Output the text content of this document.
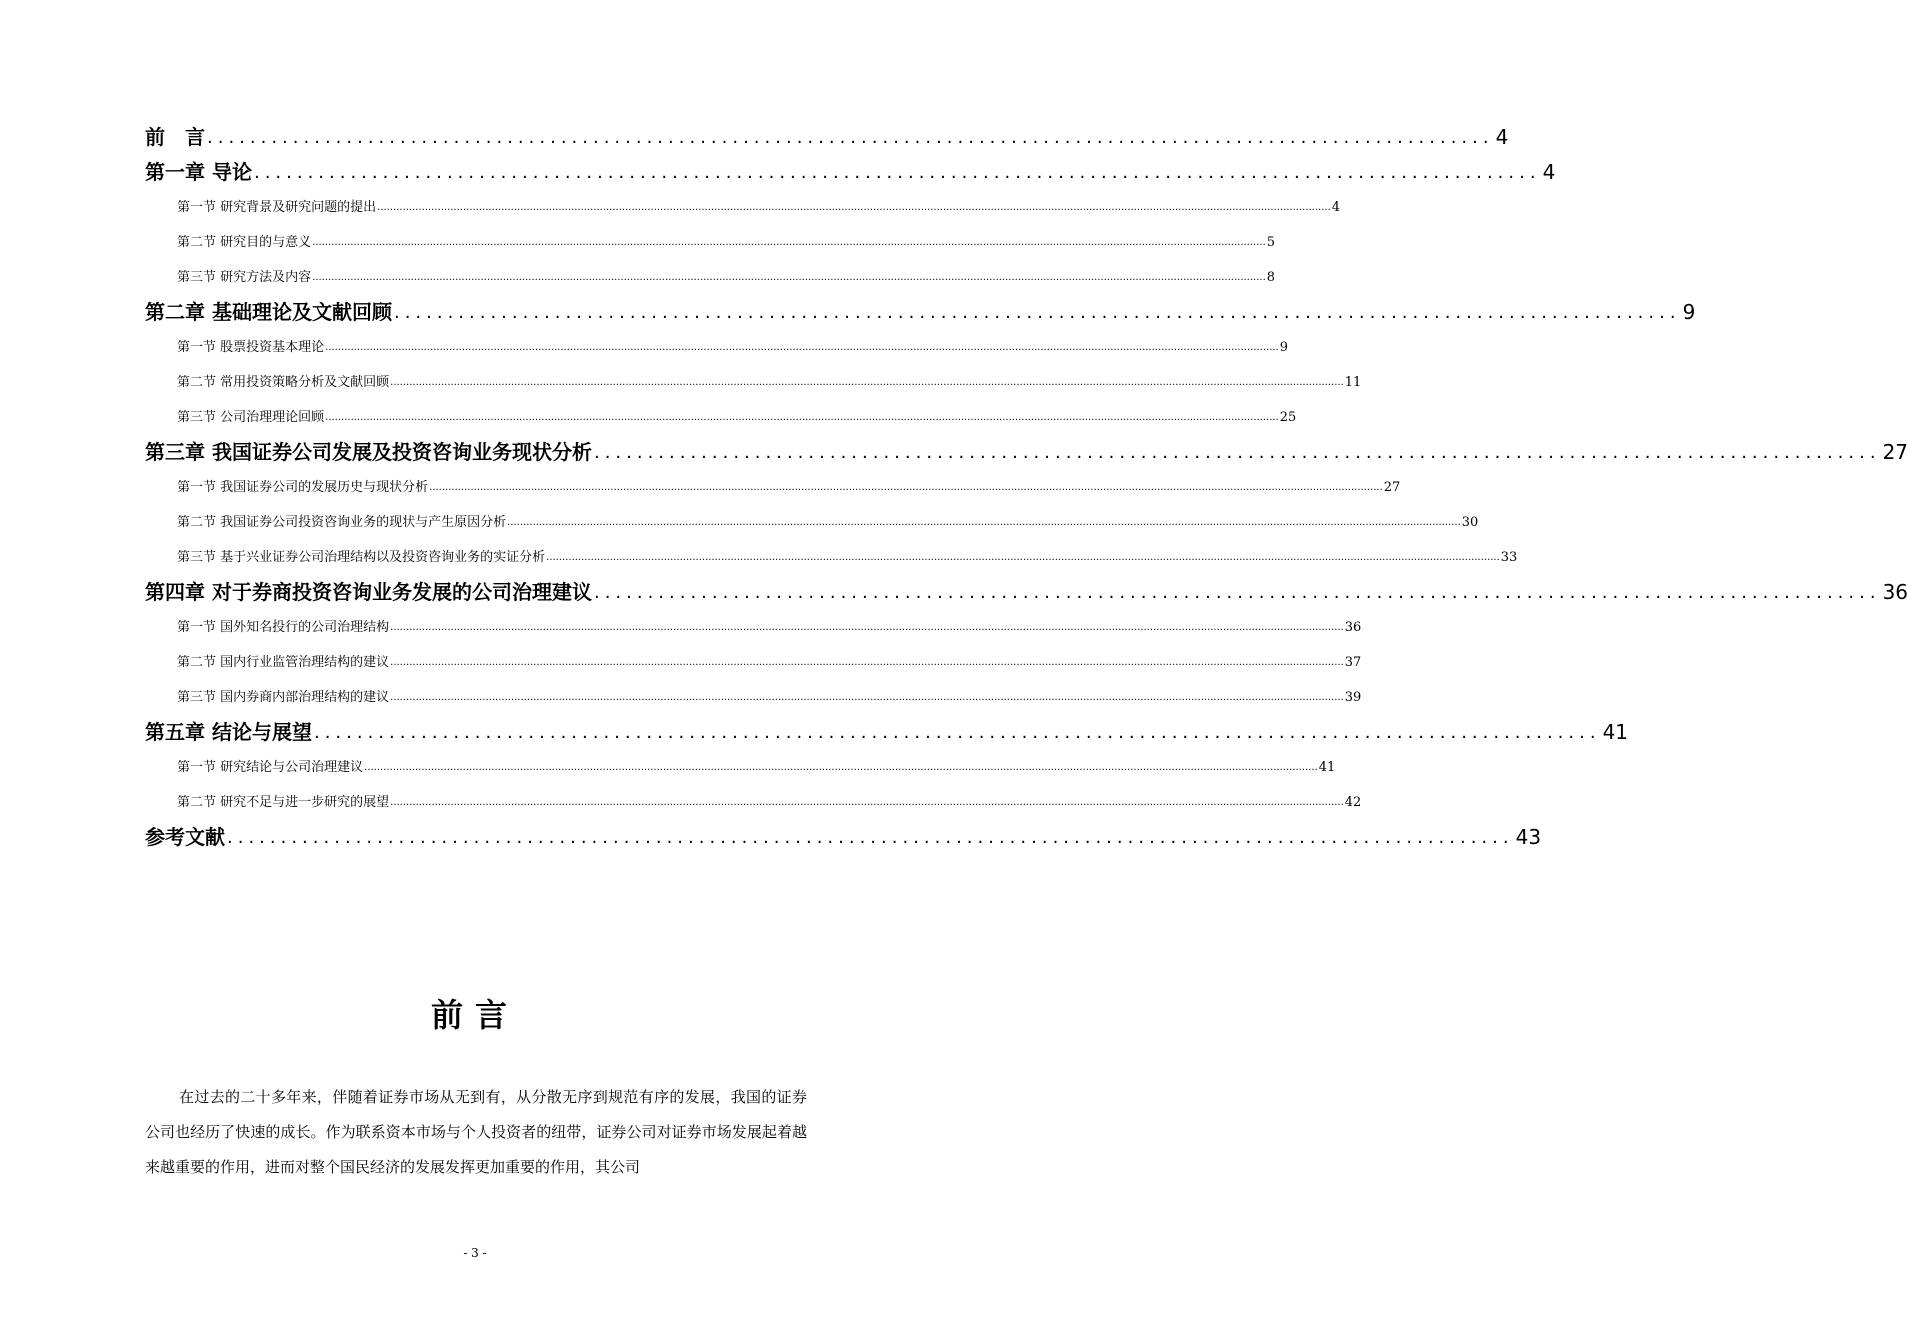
前　言 ........................................................................................................................ 4
第一章 导论 ........................................................................................................................ 4
第一节 研究背景及研究问题的提出 ............................................................................................................................................................................................................................................................................................................ 4
第二节 研究目的与意义 ............................................................................................................................................................................................................................................................................................................ 5
第三节 研究方法及内容 ............................................................................................................................................................................................................................................................................................................ 8
第二章 基础理论及文献回顾 ........................................................................................................................ 9
第一节 股票投资基本理论 ............................................................................................................................................................................................................................................................................................................ 9
第二节 常用投资策略分析及文献回顾 ............................................................................................................................................................................................................................................................................................................ 11
第三节 公司治理理论回顾 ............................................................................................................................................................................................................................................................................................................ 25
第三章 我国证券公司发展及投资咨询业务现状分析 ........................................................................................................................ 27
第一节 我国证券公司的发展历史与现状分析 ............................................................................................................................................................................................................................................................................................................ 27
第二节 我国证券公司投资咨询业务的现状与产生原因分析 ............................................................................................................................................................................................................................................................................................................ 30
第三节 基于兴业证券公司治理结构以及投资咨询业务的实证分析 ............................................................................................................................................................................................................................................................................................................ 33
第四章 对于券商投资咨询业务发展的公司治理建议 ........................................................................................................................ 36
第一节 国外知名投行的公司治理结构 ............................................................................................................................................................................................................................................................................................................ 36
第二节 国内行业监管治理结构的建议 ............................................................................................................................................................................................................................................................................................................ 37
第三节 国内券商内部治理结构的建议 ............................................................................................................................................................................................................................................................................................................ 39
第五章 结论与展望 ........................................................................................................................ 41
第一节 研究结论与公司治理建议 ............................................................................................................................................................................................................................................................................................................ 41
第二节 研究不足与进一步研究的展望 ............................................................................................................................................................................................................................................................................................................ 42
参考文献 ........................................................................................................................ 43
前言

在过去的二十多年来，伴随着证券市场从无到有，从分散无序到规范有序的发展，我国的证券公司也经历了快速的成长。作为联系资本市场与个人投资者的纽带，证券公司对证券市场发展起着越来越重要的作用，进而对整个国民经济的发展发挥更加重要的作用，其公司

- 3 -
